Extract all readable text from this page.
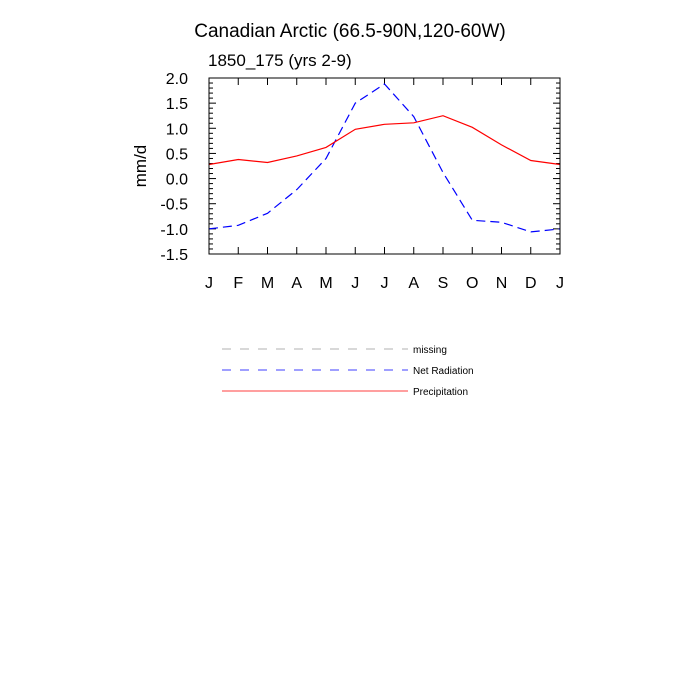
Canadian Arctic (66.5-90N,120-60W)
1850_175 (yrs 2-9)
mm/d
2.0
1.5
1.0
0.5
0.0
-0.5
-1.0
-1.5
J F M A M J J A S O N D J
missing
Net Radiation
Precipitation
